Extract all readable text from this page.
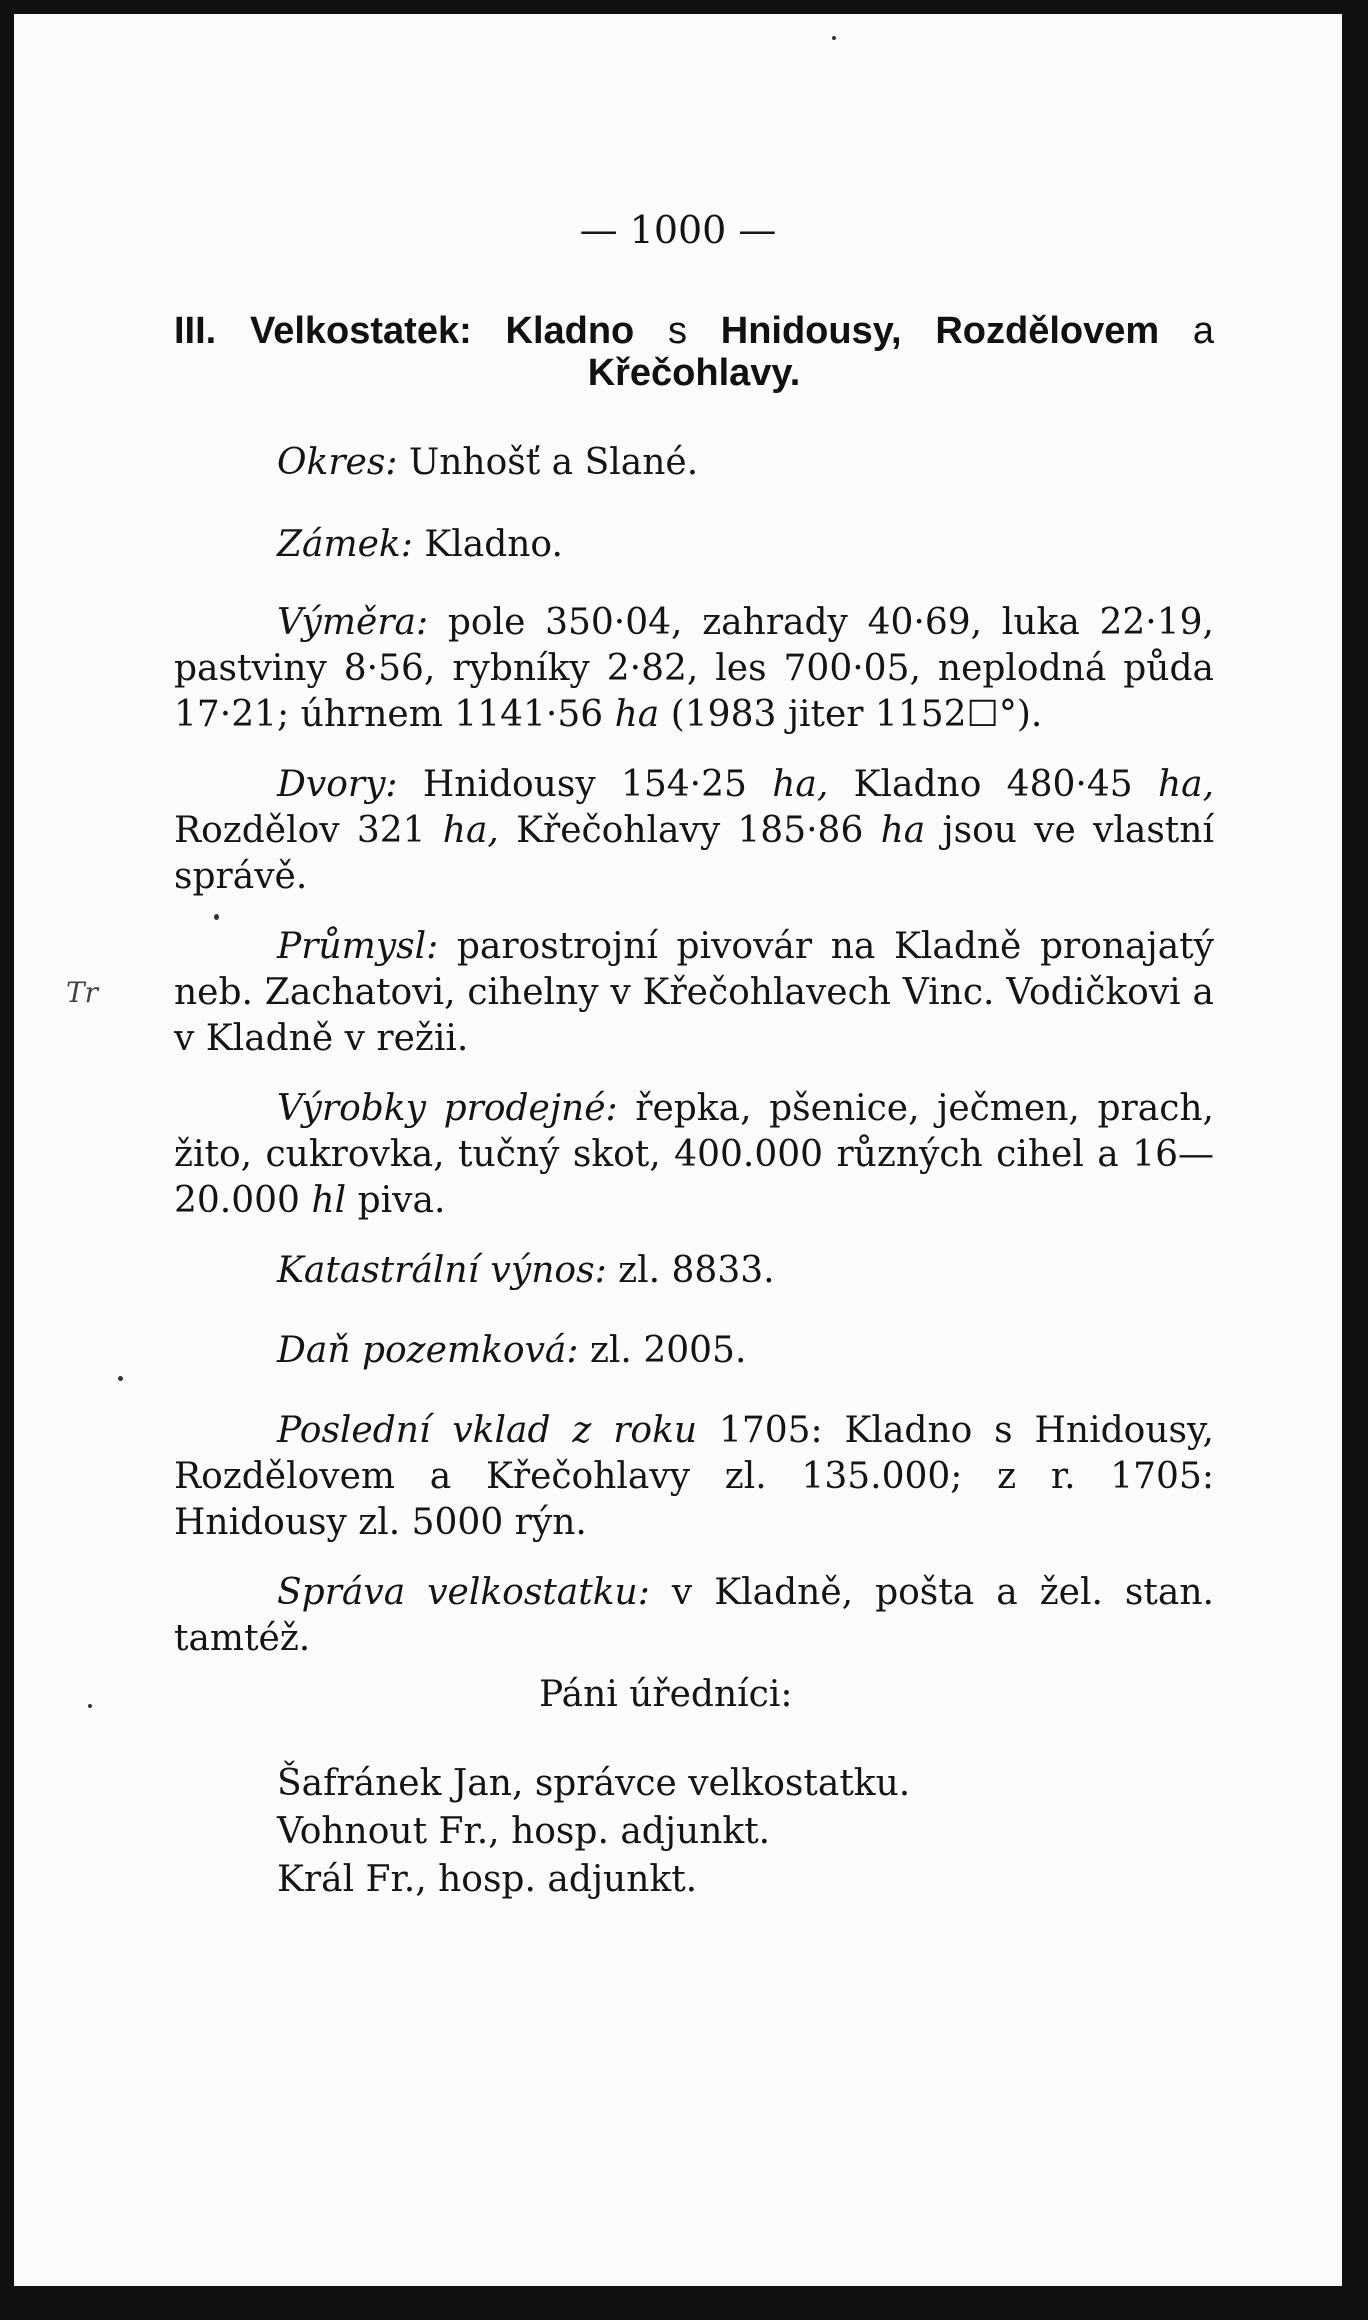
— 1000 —
III. Velkostatek: Kladno s Hnidousy, Rozdělovem a
Křečohlavy.
Okres: Unhošť a Slané.
Zámek: Kladno.
Výměra: pole 350·04, zahrady 40·69, luka 22·19, pastviny 8·56, rybníky 2·82, les 700·05, neplodná půda 17·21; úhrnem 1141·56 ha (1983 jiter 1152☐°).
Dvory: Hnidousy 154·25 ha, Kladno 480·45 ha, Rozdělov 321 ha, Křečohlavy 185·86 ha jsou ve vlastní správě.
Průmysl: parostrojní pivovár na Kladně pronajatý neb. Zachatovi, cihelny v Křečohlavech Vinc. Vodičkovi a v Kladně v režii.
Výrobky prodejné: řepka, pšenice, ječmen, prach, žito, cukrovka, tučný skot, 400.000 různých cihel a 16—20.000 hl piva.
Katastrální výnos: zl. 8833.
Daň pozemková: zl. 2005.
Poslední vklad z roku 1705: Kladno s Hnidousy, Rozdělovem a Křečohlavy zl. 135.000; z r. 1705: Hnidousy zl. 5000 rýn.
Správa velkostatku: v Kladně, pošta a žel. stan. tamtéž.
Páni úředníci:
Šafránek Jan, správce velkostatku.
Vohnout Fr., hosp. adjunkt.
Král Fr., hosp. adjunkt.
Tr
